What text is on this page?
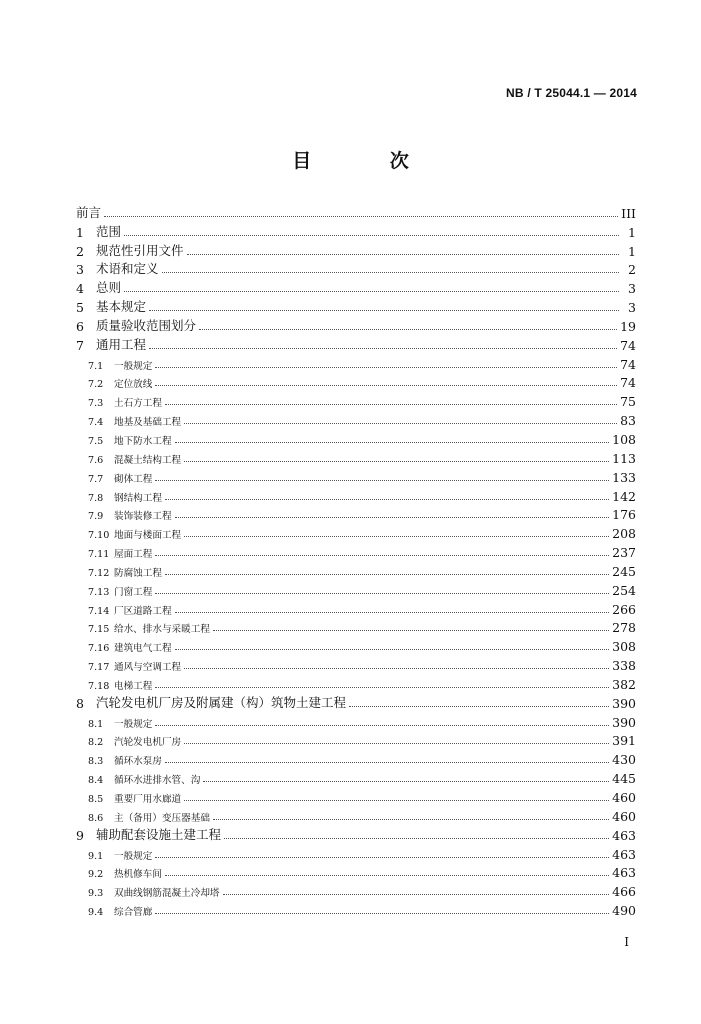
NB / T 25044.1 — 2014
目 次
前言	III
1 范围	1
2 规范性引用文件	1
3 术语和定义	2
4 总则	3
5 基本规定	3
6 质量验收范围划分	19
7 通用工程	74
7.1	一般规定	74
7.2	定位放线	74
7.3	土石方工程	75
7.4	地基及基础工程	83
7.5	地下防水工程	108
7.6	混凝土结构工程	113
7.7	砌体工程	133
7.8	钢结构工程	142
7.9	装饰装修工程	176
7.10 地面与楼面工程	208
7.11 屋面工程	237
7.12 防腐蚀工程	245
7.13 门窗工程	254
7.14 厂区道路工程	266
7.15 给水、排水与采暖工程	278
7.16 建筑电气工程	308
7.17 通风与空调工程	338
7.18 电梯工程	382
8 汽轮发电机厂房及附属建（构）筑物土建工程	390
8.1	一般规定	390
8.2	汽轮发电机厂房	391
8.3	循环水泵房	430
8.4	循环水进排水管、沟	445
8.5	重要厂用水廊道	460
8.6	主（备用）变压器基础	460
9 辅助配套设施土建工程	463
9.1	一般规定	463
9.2	热机修车间	463
9.3	双曲线钢筋混凝土冷却塔	466
9.4	综合管廊	490
I
